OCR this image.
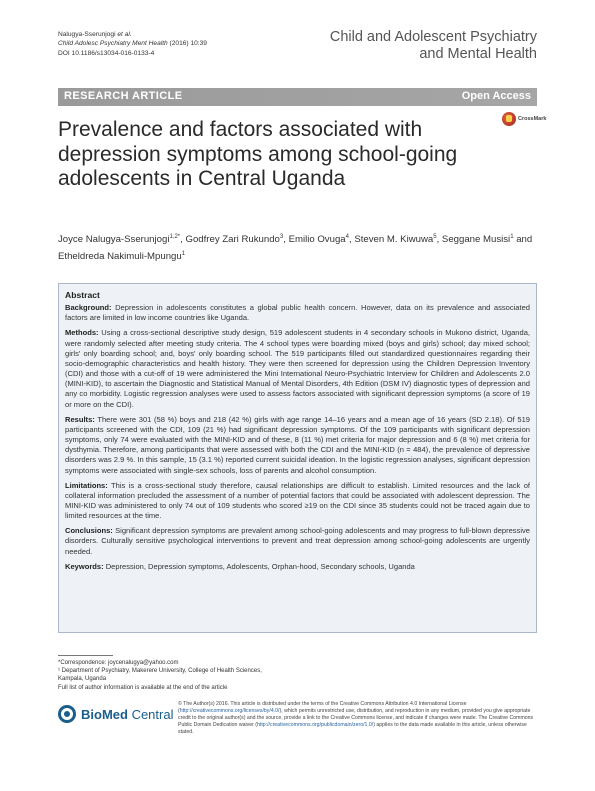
Nalugya-Sserunjogi et al.
Child Adolesc Psychiatry Ment Health (2016) 10:39
DOI 10.1186/s13034-016-0133-4
Child and Adolescent Psychiatry
and Mental Health
RESEARCH ARTICLE	Open Access
CrossMark
Prevalence and factors associated with depression symptoms among school-going adolescents in Central Uganda
Joyce Nalugya-Sserunjogi$^{1,2*}$, Godfrey Zari Rukundo$^3$, Emilio Ovuga$^4$, Steven M. Kiwuwa$^5$, Seggane Musisi$^1$ and Etheldreda Nakimuli-Mpungu$^1$
Abstract

Background: Depression in adolescents constitutes a global public health concern. However, data on its prevalence and associated factors are limited in low income countries like Uganda.

Methods: Using a cross-sectional descriptive study design, 519 adolescent students in 4 secondary schools in Mukono district, Uganda, were randomly selected after meeting study criteria. The 4 school types were boarding mixed (boys and girls) school; day mixed school; girls' only boarding school; and, boys' only boarding school. The 519 participants filled out standardized questionnaires regarding their socio-demographic characteristics and health history. They were then screened for depression using the Children Depression Inventory (CDI) and those with a cut-off of 19 were administered the Mini International Neuro-Psychiatric Interview for Children and Adolescents 2.0 (MINI-KID), to ascertain the Diagnostic and Statistical Manual of Mental Disorders, 4th Edition (DSM IV) diagnostic types of depression and any co morbidity. Logistic regression analyses were used to assess factors associated with significant depression symptoms (a score of 19 or more on the CDI).

Results: There were 301 (58 %) boys and 218 (42 %) girls with age range 14–16 years and a mean age of 16 years (SD 2.18). Of 519 participants screened with the CDI, 109 (21 %) had significant depression symptoms. Of the 109 participants with significant depression symptoms, only 74 were evaluated with the MINI-KID and of these, 8 (11 %) met criteria for major depression and 6 (8 %) met criteria for dysthymia. Therefore, among participants that were assessed with both the CDI and the MINI-KID (n = 484), the prevalence of depressive disorders was 2.9 %. In this sample, 15 (3.1 %) reported current suicidal ideation. In the logistic regression analyses, significant depression symptoms were associated with single-sex schools, loss of parents and alcohol consumption.

Limitations: This is a cross-sectional study therefore, causal relationships are difficult to establish. Limited resources and the lack of collateral information precluded the assessment of a number of potential factors that could be associated with adolescent depression. The MINI-KID was administered to only 74 out of 109 students who scored ≥19 on the CDI since 35 students could not be traced again due to limited resources at the time.

Conclusions: Significant depression symptoms are prevalent among school-going adolescents and may progress to full-blown depressive disorders. Culturally sensitive psychological interventions to prevent and treat depression among school-going adolescents are urgently needed.

Keywords: Depression, Depression symptoms, Adolescents, Orphan-hood, Secondary schools, Uganda

*Correspondence: joycenalugya@yahoo.com
¹ Department of Psychiatry, Makerere University, College of Health Sciences, Kampala, Uganda
Full list of author information is available at the end of the article
BioMed Central
© The Author(s) 2016. This article is distributed under the terms of the Creative Commons Attribution 4.0 International License (http://creativecommons.org/licenses/by/4.0/), which permits unrestricted use, distribution, and reproduction in any medium, provided you give appropriate credit to the original author(s) and the source, provide a link to the Creative Commons license, and indicate if changes were made. The Creative Commons Public Domain Dedication waiver (http://creativecommons.org/publicdomain/zero/1.0/) applies to the data made available in this article, unless otherwise stated.
